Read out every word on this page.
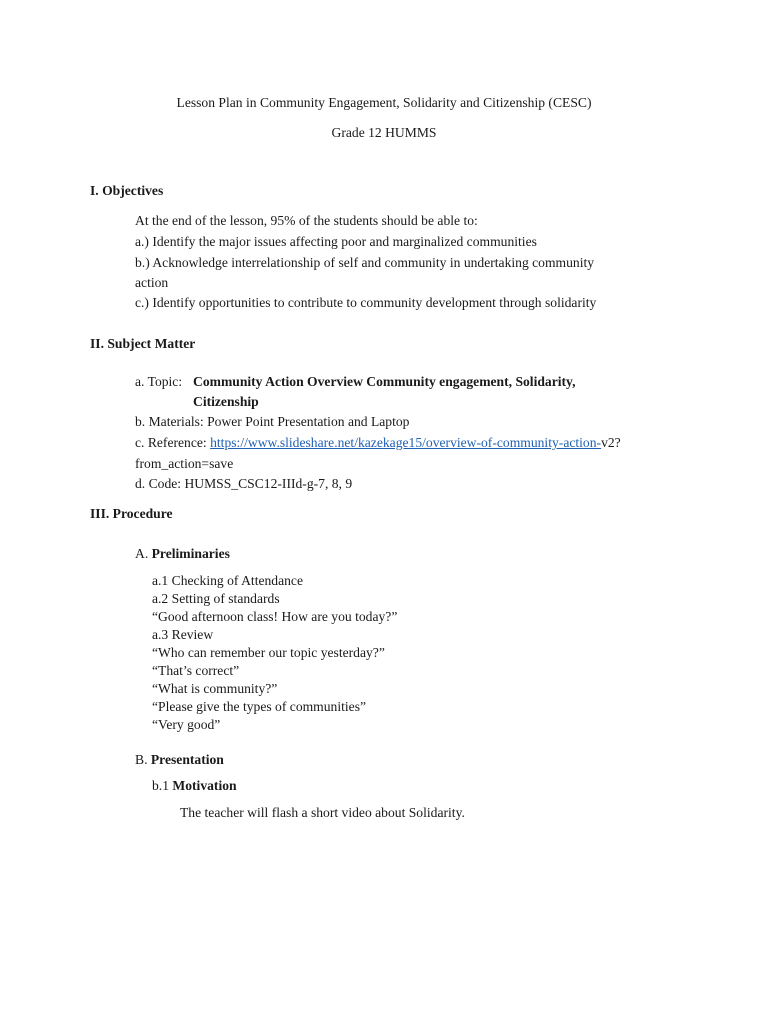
Lesson Plan in Community Engagement, Solidarity and Citizenship (CESC)
Grade 12 HUMMS
I. Objectives
At the end of the lesson, 95% of the students should be able to:
a.) Identify the major issues affecting poor and marginalized communities
b.) Acknowledge interrelationship of self and community in undertaking community
action
c.) Identify opportunities to contribute to community development through solidarity
II. Subject Matter
a. Topic: Community Action Overview Community engagement, Solidarity,
Citizenship
b. Materials: Power Point Presentation and Laptop
c. Reference: https://www.slideshare.net/kazekage15/overview-of-community-action-v2?
from_action=save
d. Code: HUMSS_CSC12-IIId-g-7, 8, 9
III. Procedure
A. Preliminaries
a.1 Checking of Attendance
a.2 Setting of standards
“Good afternoon class! How are you today?”
a.3 Review
“Who can remember our topic yesterday?”
“That’s correct”
“What is community?”
“Please give the types of communities”
“Very good”
B. Presentation
b.1 Motivation
The teacher will flash a short video about Solidarity.
